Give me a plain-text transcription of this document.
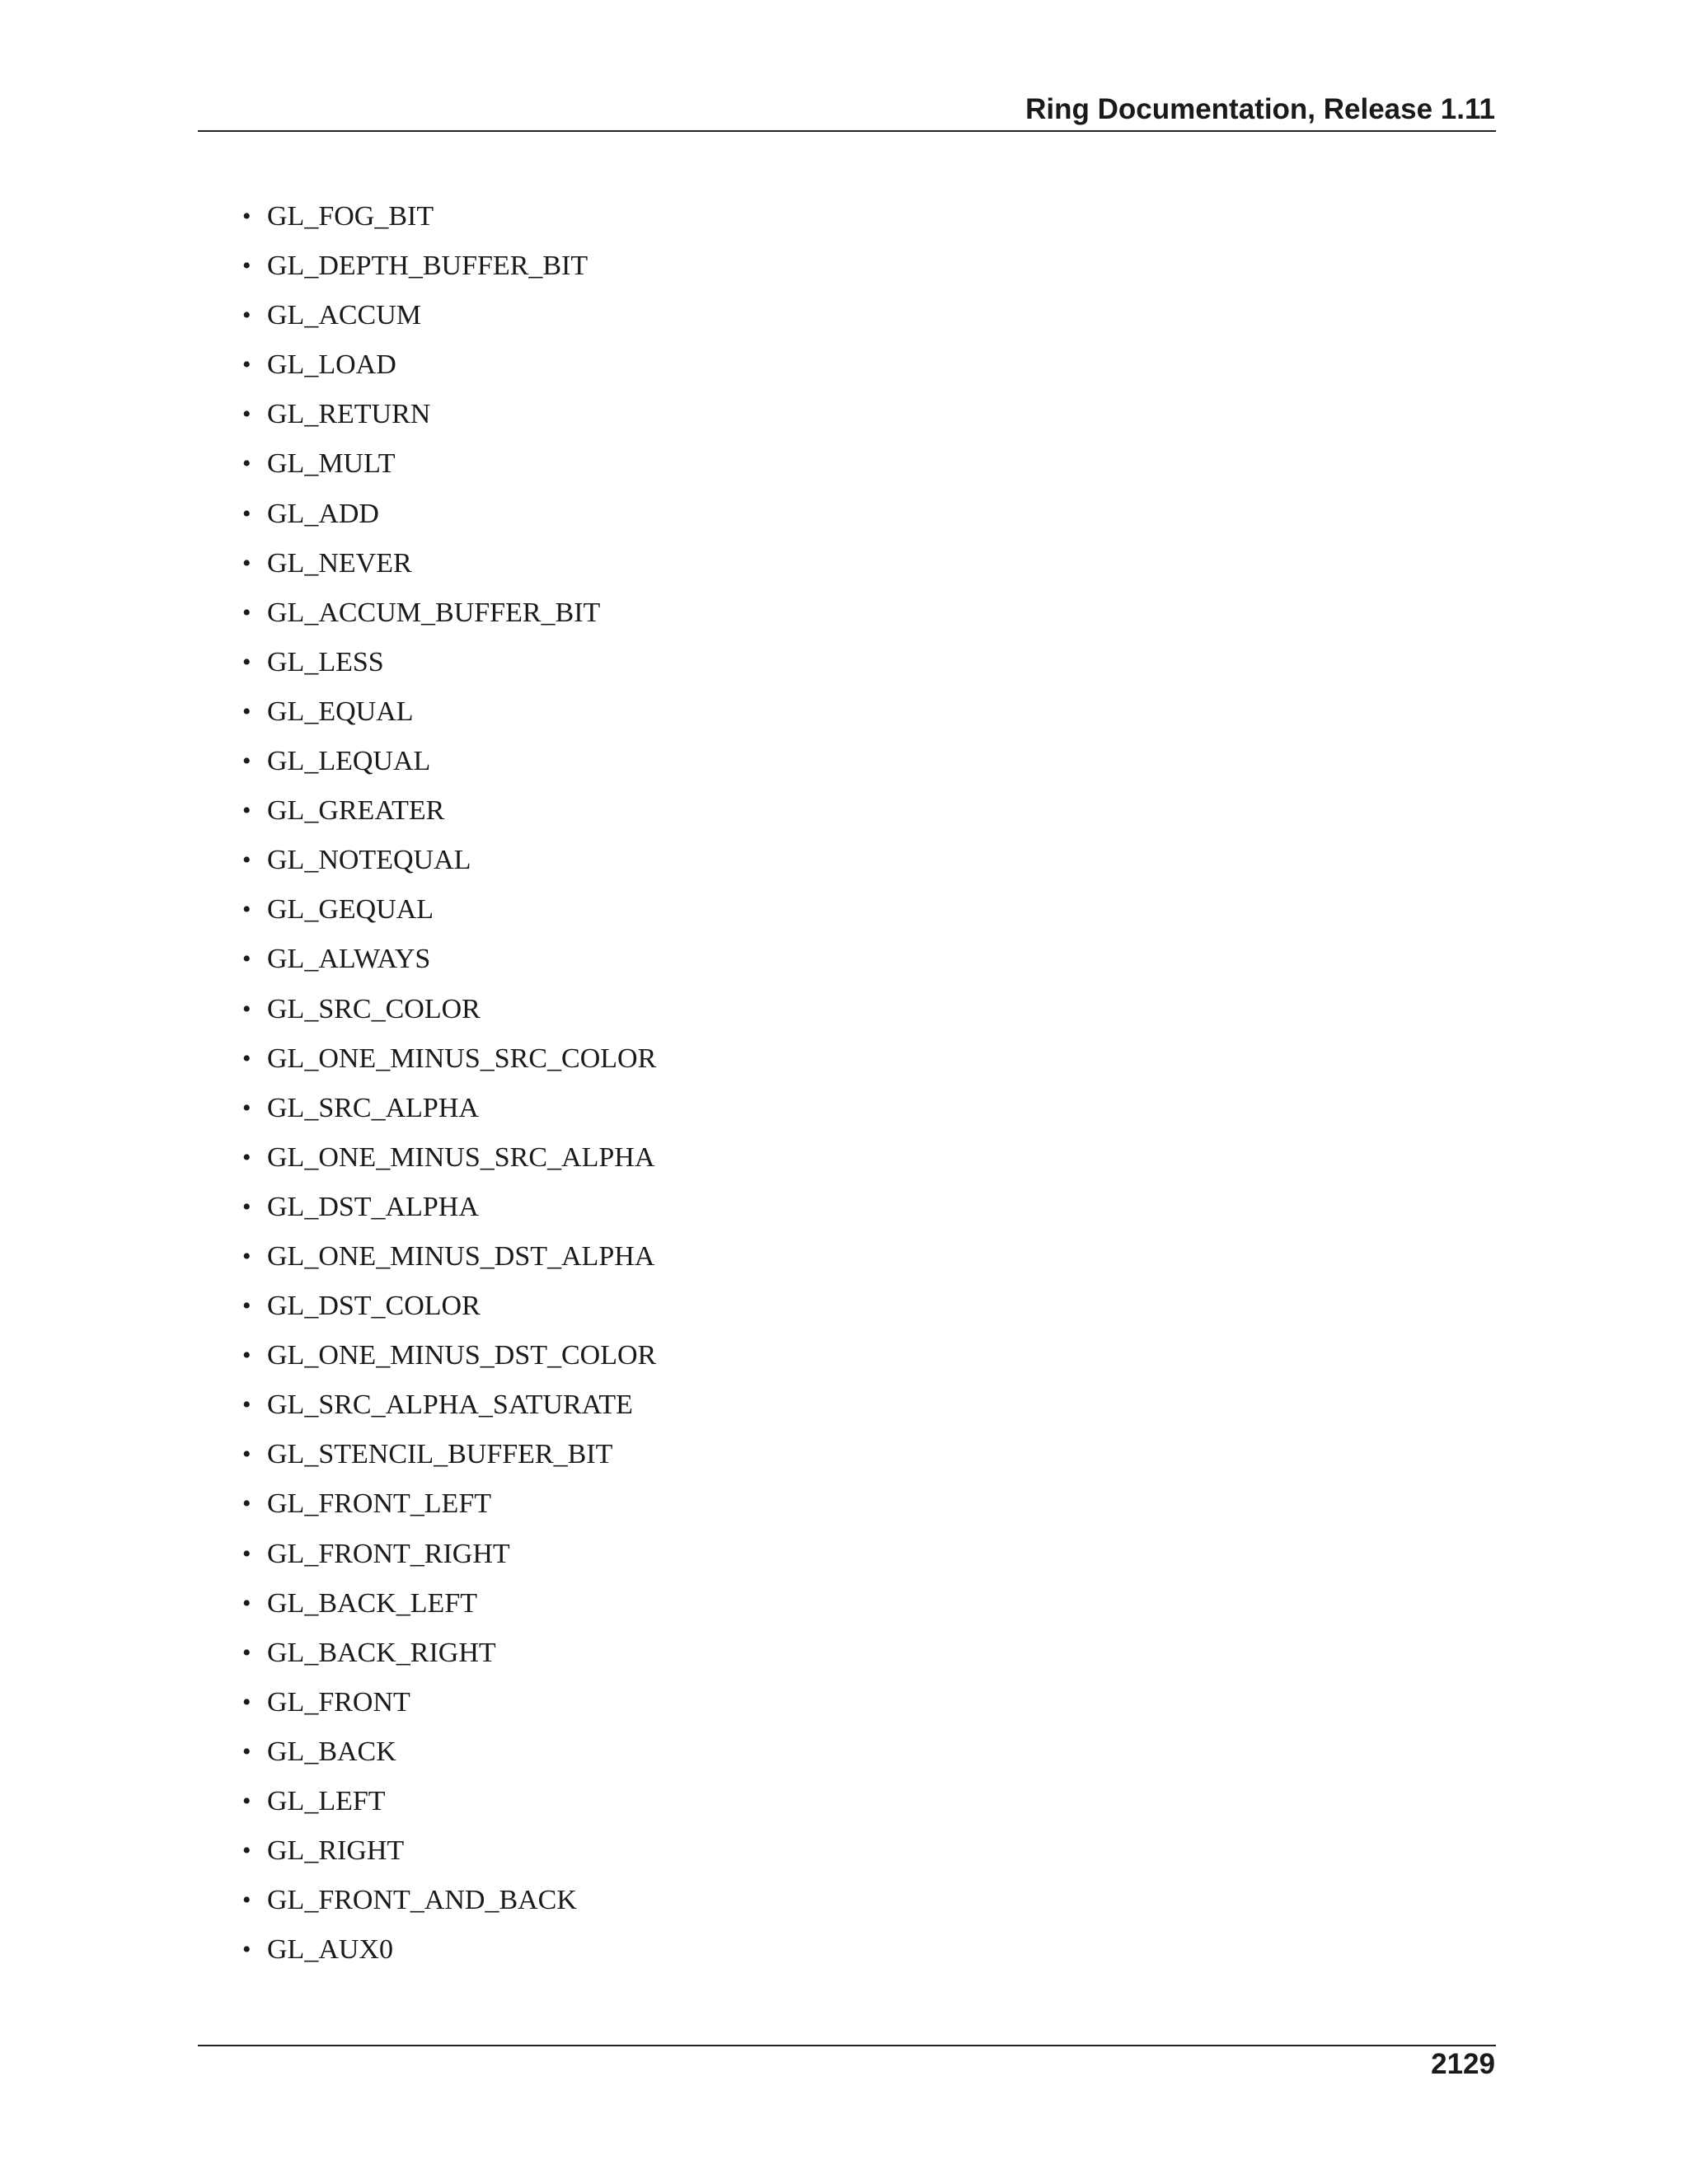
Ring Documentation, Release 1.11
• GL_FOG_BIT
• GL_DEPTH_BUFFER_BIT
• GL_ACCUM
• GL_LOAD
• GL_RETURN
• GL_MULT
• GL_ADD
• GL_NEVER
• GL_ACCUM_BUFFER_BIT
• GL_LESS
• GL_EQUAL
• GL_LEQUAL
• GL_GREATER
• GL_NOTEQUAL
• GL_GEQUAL
• GL_ALWAYS
• GL_SRC_COLOR
• GL_ONE_MINUS_SRC_COLOR
• GL_SRC_ALPHA
• GL_ONE_MINUS_SRC_ALPHA
• GL_DST_ALPHA
• GL_ONE_MINUS_DST_ALPHA
• GL_DST_COLOR
• GL_ONE_MINUS_DST_COLOR
• GL_SRC_ALPHA_SATURATE
• GL_STENCIL_BUFFER_BIT
• GL_FRONT_LEFT
• GL_FRONT_RIGHT
• GL_BACK_LEFT
• GL_BACK_RIGHT
• GL_FRONT
• GL_BACK
• GL_LEFT
• GL_RIGHT
• GL_FRONT_AND_BACK
• GL_AUX0
2129
